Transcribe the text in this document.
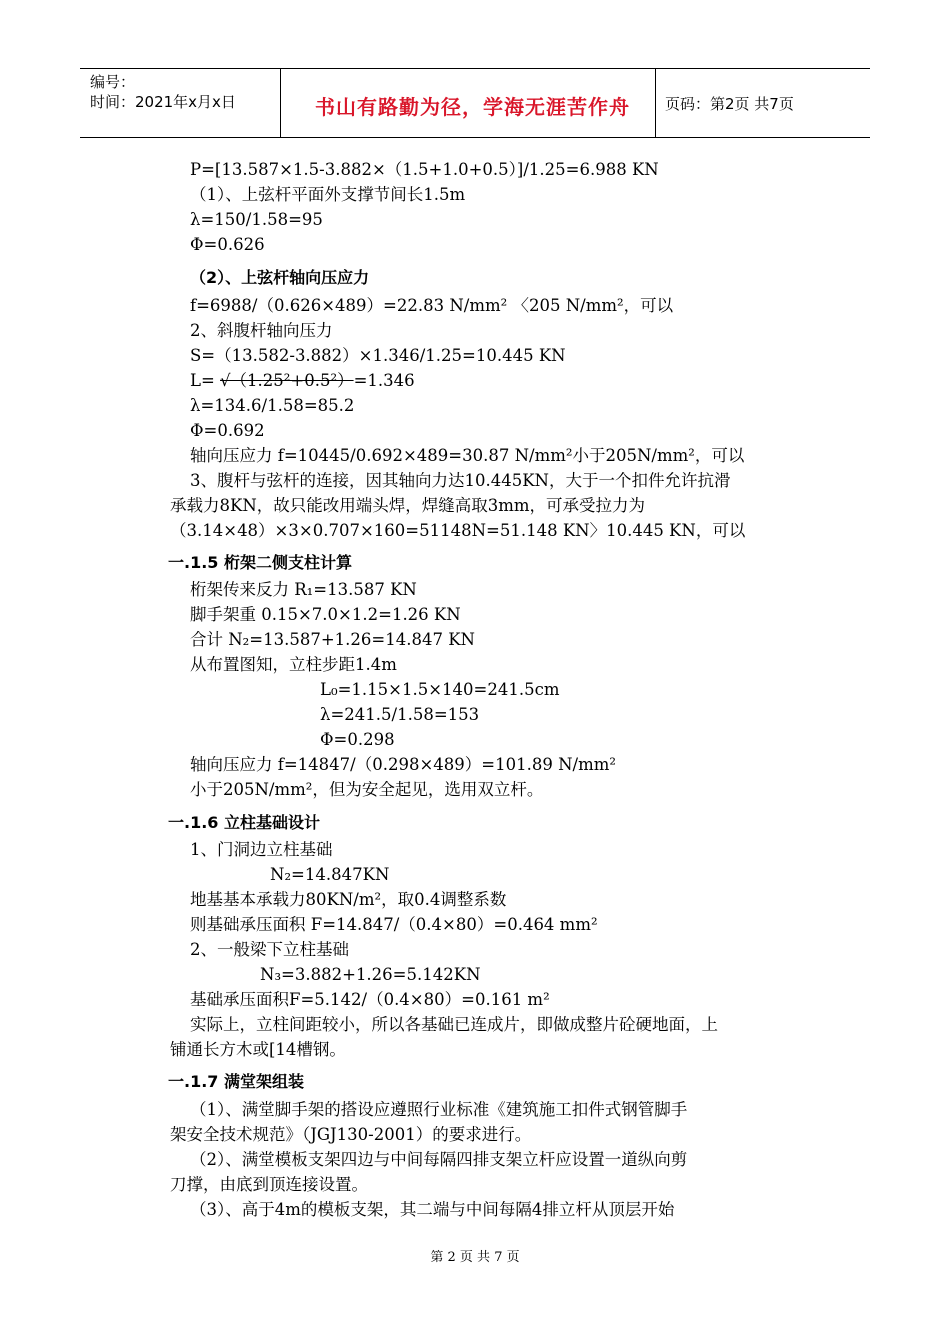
编号：
时间：2021年x月x日	书山有路勤为径，学海无涯苦作舟	页码：第2页 共7页
P=[13.587×1.5-3.882×（1.5+1.0+0.5）]/1.25=6.988 KN
（1）、上弦杆平面外支撑节间长1.5m
λ=150/1.58=95
Φ=0.626
（2）、上弦杆轴向压应力
f=6988/（0.626×489）=22.83 N/mm² 〈205 N/mm²，可以
2、斜腹杆轴向压力
S=（13.582-3.882）×1.346/1.25=10.445 KN
L= √（1.25²+0.5²）=1.346
λ=134.6/1.58=85.2
Φ=0.692
轴向压应力 f=10445/0.692×489=30.87 N/mm²小于205N/mm²，可以
3、腹杆与弦杆的连接，因其轴向力达10.445KN，大于一个扣件允许抗滑
承载力8KN，故只能改用端头焊，焊缝高取3mm，可承受拉力为
（3.14×48）×3×0.707×160=51148N=51.148 KN〉10.445 KN，可以
一.1.5 桁架二侧支柱计算
桁架传来反力 R₁=13.587 KN
脚手架重 0.15×7.0×1.2=1.26 KN
合计 N₂=13.587+1.26=14.847 KN
从布置图知，立柱步距1.4m
L₀=1.15×1.5×140=241.5cm
λ=241.5/1.58=153
Φ=0.298
轴向压应力 f=14847/（0.298×489）=101.89 N/mm²
小于205N/mm²，但为安全起见，选用双立杆。
一.1.6 立柱基础设计
1、门洞边立柱基础
N₂=14.847KN
地基基本承载力80KN/m²，取0.4调整系数
则基础承压面积 F=14.847/（0.4×80）=0.464 mm²
2、一般梁下立柱基础
N₃=3.882+1.26=5.142KN
基础承压面积F=5.142/（0.4×80）=0.161 m²
实际上，立柱间距较小，所以各基础已连成片，即做成整片砼硬地面，上
铺通长方木或[14槽钢。
一.1.7 满堂架组装
（1）、满堂脚手架的搭设应遵照行业标准《建筑施工扣件式钢管脚手
架安全技术规范》（JGJ130-2001）的要求进行。
（2）、满堂模板支架四边与中间每隔四排支架立杆应设置一道纵向剪
刀撑，由底到顶连接设置。
（3）、高于4m的模板支架，其二端与中间每隔4排立杆从顶层开始
第 2 页 共 7 页
